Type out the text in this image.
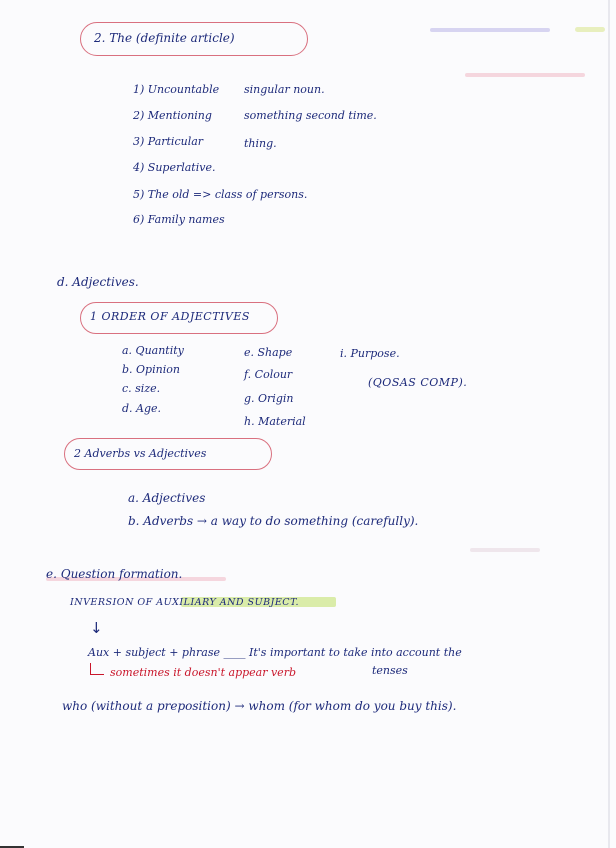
2. The (definite article)
1) Uncountable singular noun.
2) Mentioning	something second time.
3) Particular	thing.
4) Superlative.
5) The old => class of persons.
6) Family names
d. Adjectives.
1 ORDER OF ADJECTIVES
a. Quantity
b. Opinion
c. size.
d. Age.
e. Shape
f. Colour
g. Origin
h. Material
i. Purpose.
(QOSAS COMP).
2 Adverbs vs Adjectives
a. Adjectives
b. Adverbs → a way to do something (carefully).
e. Question formation.
INVERSION OF AUXILIARY AND SUBJECT.
↓
Aux + subject + phrase ____ It's important to take into account the
sometimes it doesn't appear verb	tenses
who (without a preposition) → whom (for whom do you buy this).
